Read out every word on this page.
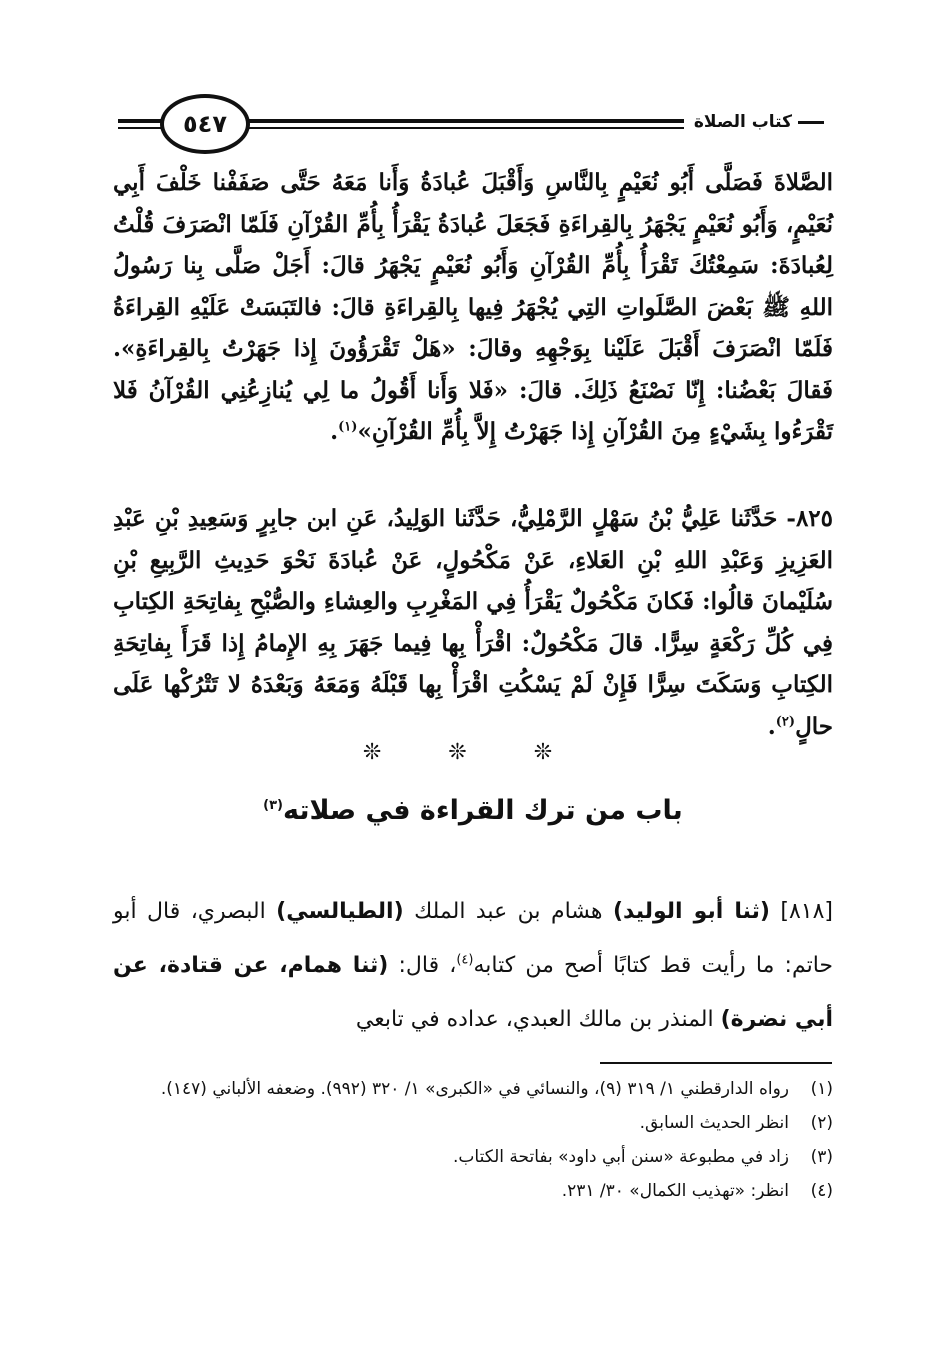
٥٤٧	كتاب الصلاة
الصَّلاةَ فَصَلَّى أَبُو نُعَيْمٍ بِالنَّاسِ وَأَقْبَلَ عُبادَةُ وَأَنا مَعَهُ حَتَّى صَفَفْنا خَلْفَ أَبِي نُعَيْمٍ، وَأَبُو نُعَيْمٍ يَجْهَرُ بِالقِراءَةِ فَجَعَلَ عُبادَةُ يَقْرَأُ بِأُمِّ القُرْآنِ فَلَمّا انْصَرَفَ قُلْتُ لِعُبادَةَ: سَمِعْتُكَ تَقْرَأُ بِأُمِّ القُرْآنِ وَأَبُو نُعَيْمٍ يَجْهَرُ قالَ: أَجَلْ صَلَّى بِنا رَسُولُ اللهِ ﷺ بَعْضَ الصَّلَواتِ التِي يُجْهَرُ فِيها بِالقِراءَةِ قالَ: فالتَبَسَتْ عَلَيْهِ القِراءَةُ فَلَمّا انْصَرَفَ أَقْبَلَ عَلَيْنا بِوَجْهِهِ وقالَ: «هَلْ تَقْرَؤُونَ إِذا جَهَرْتُ بِالقِراءَةِ». فَقالَ بَعْضُنا: إِنّا نَصْنَعُ ذَلِكَ. قالَ: «فَلا وَأَنا أَقُولُ ما لِي يُنازِعُنِي القُرْآنُ فَلا تَقْرَءُوا بِشَيْءٍ مِنَ القُرْآنِ إِذا جَهَرْتُ إِلاَّ بِأُمِّ القُرْآنِ»$^{(١)}$.
٨٢٥- حَدَّثَنا عَلِيُّ بْنُ سَهْلٍ الرَّمْلِيُّ، حَدَّثَنا الوَلِيدُ، عَنِ ابن جابِرٍ وَسَعِيدِ بْنِ عَبْدِ العَزِيزِ وَعَبْدِ اللهِ بْنِ العَلاءِ، عَنْ مَكْحُولٍ، عَنْ عُبادَةَ نَحْوَ حَدِيثِ الرَّبِيعِ بْنِ سُلَيْمانَ قالُوا: فَكانَ مَكْحُولٌ يَقْرَأُ فِي المَغْرِبِ والعِشاءِ والصُّبْحِ بِفاتِحَةِ الكِتابِ فِي كُلِّ رَكْعَةٍ سِرًّا. قالَ مَكْحُولٌ: اقْرَأْ بِها فِيما جَهَرَ بِهِ الإِمامُ إِذا قَرَأَ بِفاتِحَةِ الكِتابِ وَسَكَتَ سِرًّا فَإِنْ لَمْ يَسْكُتِ اقْرَأْ بِها قَبْلَهُ وَمَعَهُ وَبَعْدَهُ لا تَتْرُكْها عَلَى حالٍ$^{(٢)}$.
❊ ❊ ❊
باب من ترك القراءة في صلاته$^{(٣)}$
[٨١٨] (ثنا أبو الوليد) هشام بن عبد الملك (الطيالسي) البصري، قال أبو حاتم: ما رأيت قط كتابًا أصح من كتابه$^{(٤)}$، قال: (ثنا همام، عن قتادة، عن أبي نضرة) المنذر بن مالك العبدي، عداده في تابعي
(١)
رواه الدارقطني ١/ ٣١٩ (٩)، والنسائي في «الكبرى» ١/ ٣٢٠ (٩٩٢). وضعفه الألباني (١٤٧).
(٢)
انظر الحديث السابق.
(٣)
زاد في مطبوعة «سنن أبي داود» بفاتحة الكتاب.
(٤)
انظر: «تهذيب الكمال» ٣٠/ ٢٣١.
